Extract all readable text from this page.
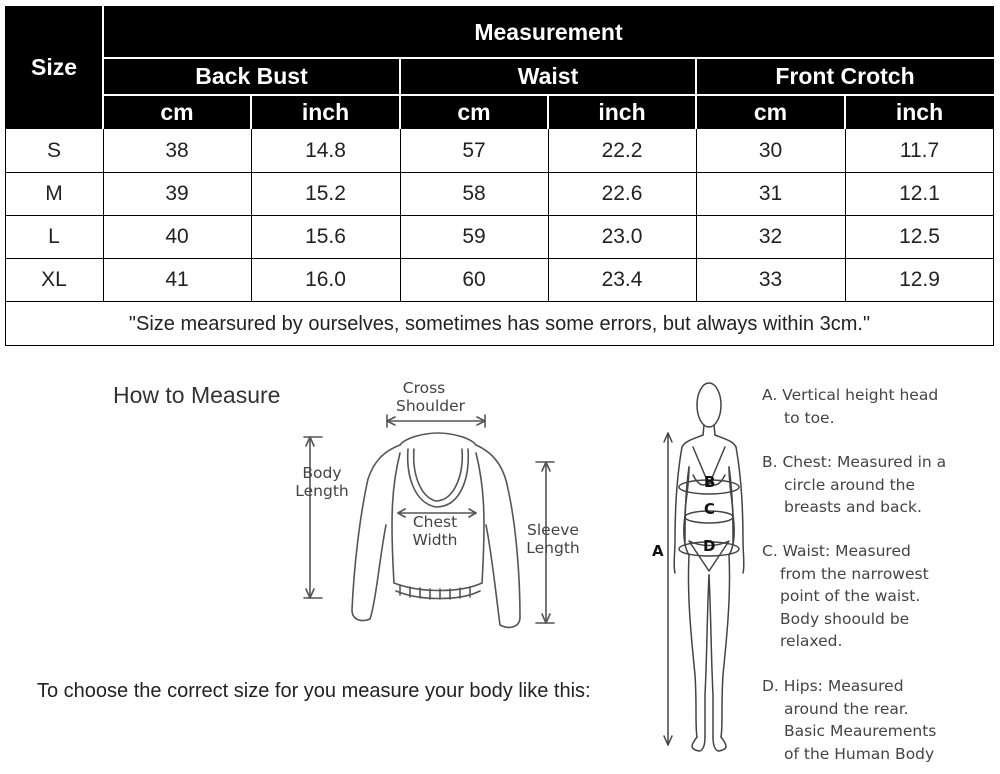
Size
Measurement
Back Bust	Waist	Front Crotch
cm	inch	cm	inch	cm	inch
S	38	14.8	57	22.2	30	11.7
M	39	15.2	58	22.6	31	12.1
L	40	15.6	59	23.0	32	12.5
XL	41	16.0	60	23.4	33	12.9
"Size mearsured by ourselves, sometimes has some errors, but always within 3cm."
How to Measure	Cross
Shoulder
Body
Length
Chest
Width
Sleeve
Length
To choose the correct size for you measure your body like this:
A
B
C
D
A. Vertical height head
to toe.
B. Chest: Measured in a
circle around the
breasts and back.
C. Waist: Measured
from the narrowest
point of the waist.
Body shoould be
relaxed.
D. Hips: Measured
around the rear.
Basic Meaurements
of the Human Body
